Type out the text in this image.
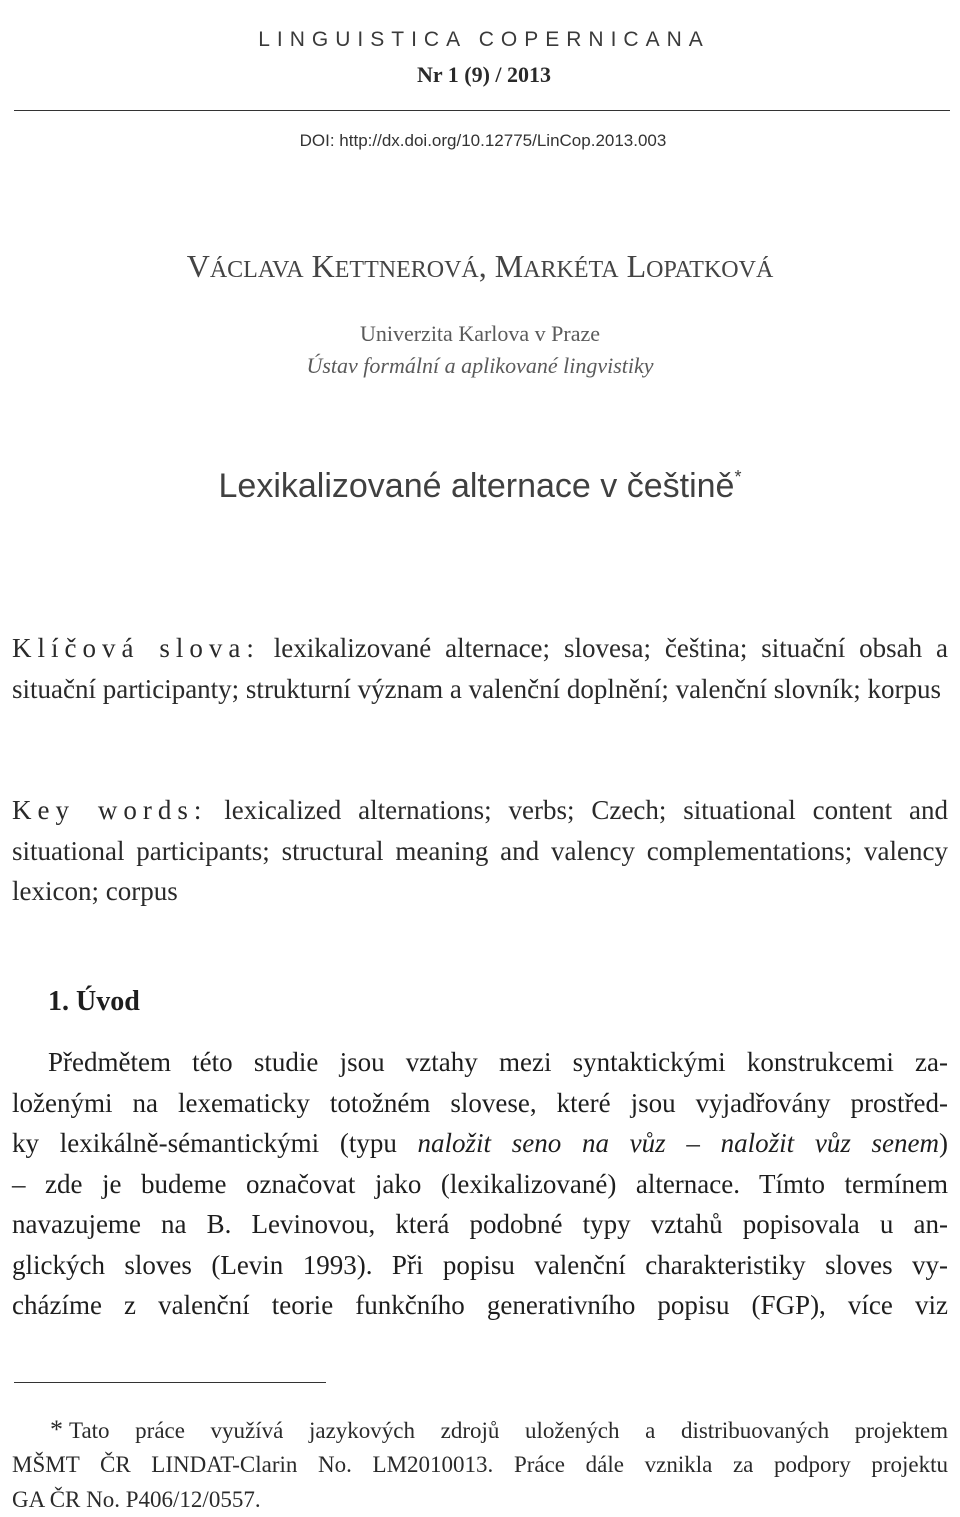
LINGUISTICA COPERNICANA
Nr 1 (9) / 2013
DOI: http://dx.doi.org/10.12775/LinCop.2013.003
VÁCLAVA KETTNEROVÁ, MARKÉTA LOPATKOVÁ
Univerzita Karlova v Praze
Ústav formální a aplikované lingvistiky
Lexikalizované alternace v češtině*
Klíčová slova: lexikalizované alternace; slovesa; čeština; situační obsah a situační participanty; strukturní význam a valenční doplnění; valenční slovník; korpus
Key words: lexicalized alternations; verbs; Czech; situational content and situational participants; structural meaning and valency complementations; valency lexicon; corpus
1. Úvod
Předmětem této studie jsou vztahy mezi syntaktickými konstrukcemi za-
loženými na lexematicky totožném slovese, které jsou vyjadřovány prostřed-
ky lexikálně-sémantickými (typu naložit seno na vůz – naložit vůz senem)
– zde je budeme označovat jako (lexikalizované) alternace. Tímto termínem
navazujeme na B. Levinovou, která podobné typy vztahů popisovala u an-
glických sloves (Levin 1993). Při popisu valenční charakteristiky sloves vy-
cházíme z valenční teorie funkčního generativního popisu (FGP), více viz
* Tato práce využívá jazykových zdrojů uložených a distribuovaných projektem
MŠMT ČR LINDAT-Clarin No. LM2010013. Práce dále vznikla za podpory projektu
GA ČR No. P406/12/0557.
